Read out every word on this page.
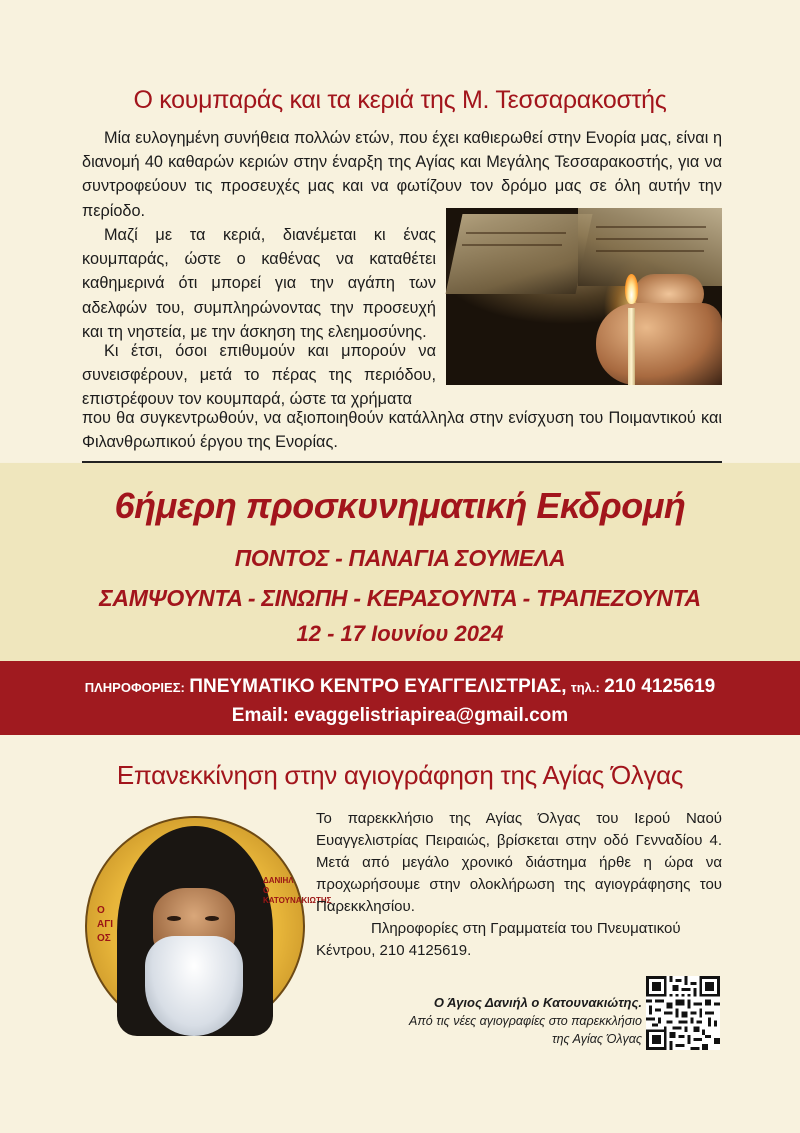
Ο κουμπαράς και τα κεριά της Μ. Τεσσαρακοστής

Μία ευλογημένη συνήθεια πολλών ετών, που έχει καθιερωθεί στην Ενορία μας, είναι η διανομή 40 καθαρών κεριών στην έναρξη της Αγίας και Μεγάλης Τεσσαρακοστής, για να συντροφεύουν τις προσευχές μας και να φωτίζουν τον δρόμο μας σε όλη αυτήν την περίοδο.

Μαζί με τα κεριά, διανέμεται κι ένας κουμπαράς, ώστε ο καθένας να καταθέτει καθημερινά ότι μπορεί για την αγάπη των αδελφών του, συμπληρώνοντας την προσευχή και τη νηστεία, με την άσκηση της ελεημοσύνης.

Κι έτσι, όσοι επιθυμούν και μπορούν να συνεισφέρουν, μετά το πέρας της περιόδου, επιστρέφουν τον κουμπαρά, ώστε τα χρήματα

που θα συγκεντρωθούν, να αξιοποιηθούν κατάλληλα στην ενίσχυση του Ποιμαντικού και Φιλανθρωπικού έργου της Ενορίας.

6ήμερη προσκυνηματική Εκδρομή
ΠΟΝΤΟΣ - ΠΑΝΑΓΙΑ ΣΟΥΜΕΛΑ
ΣΑΜΨΟΥΝΤΑ - ΣΙΝΩΠΗ - ΚΕΡΑΣΟΥΝΤΑ - ΤΡΑΠΕΖΟΥΝΤΑ
12 - 17 Ιουνίου 2024
ΠΛΗΡΟΦΟΡΙΕΣ: ΠΝΕΥΜΑΤΙΚΟ ΚΕΝΤΡΟ ΕΥΑΓΓΕΛΙΣΤΡΙΑΣ, τηλ.: 210 4125619
Email: evaggelistriapirea@gmail.com
Επανεκκίνηση στην αγιογράφηση της Αγίας Όλγας
Ο ΑΓΙΟΣ
ΔΑΝΙΗΛ Ο ΚΑΤΟΥΝΑΚΙΩΤΗΣ

Το παρεκκλήσιο της Αγίας Όλγας του Ιερού Ναού Ευαγγελιστρίας Πειραιώς, βρίσκεται στην οδό Γενναδίου 4. Μετά από μεγάλο χρονικό διάστημα ήρθε η ώρα να προχωρήσουμε στην ολοκλήρωση της αγιογράφησης του Παρεκκλησίου.

Πληροφορίες στη Γραμματεία του Πνευματικού Κέντρου, 210 4125619.

Ο Άγιος Δανιήλ ο Κατουνακιώτης.
Από τις νέες αγιογραφίες στο παρεκκλήσιο
της Αγίας Όλγας
